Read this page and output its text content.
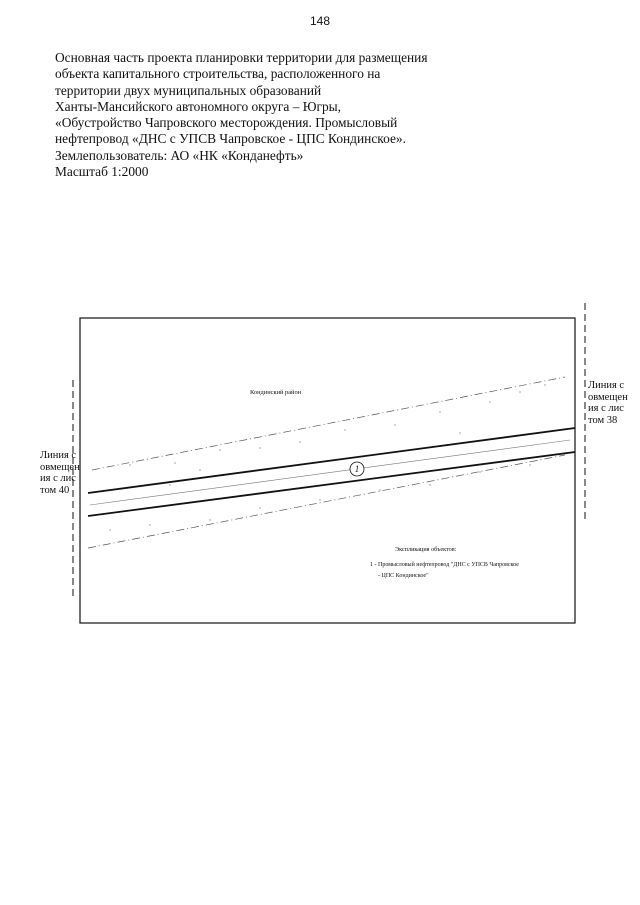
148
Основная часть проекта планировки территории для размещения
объекта капитального строительства, расположенного на
территории двух муниципальных образований
Ханты-Мансийского автономного округа – Югры,
«Обустройство Чапровского месторождения. Промысловый
нефтепровод «ДНС с УПСВ Чапровское - ЦПС Кондинское».
Землепользователь: АО «НК «Конданефть»
Масштаб 1:2000
1
Кондинский район
Экспликация объектов:
1 - Промысловый нефтепровод "ДНС с УПСВ Чапровское
- ЦПС Кондинское"
Линия совмещения с листом 40
Линия совмещения с листом 38
